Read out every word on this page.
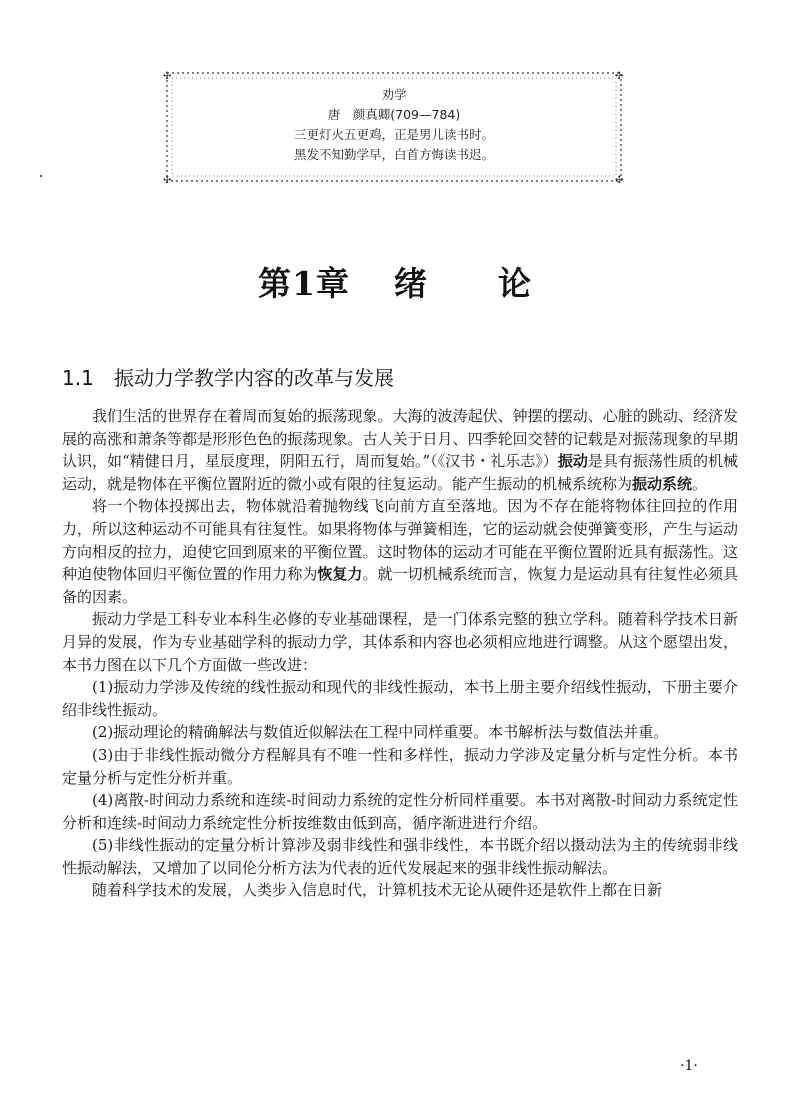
✣	✣
✣	✣
劝学
唐　颜真卿(709—784)
三更灯火五更鸡，正是男儿读书时。
黑发不知勤学早，白首方悔读书迟。
第1章 绪 论
1.1 振动力学教学内容的改革与发展

我们生活的世界存在着周而复始的振荡现象。大海的波涛起伏、钟摆的摆动、心脏的跳动、经济发展的高涨和萧条等都是形形色色的振荡现象。古人关于日月、四季轮回交替的记载是对振荡现象的早期认识，如“精健日月，星辰度理，阴阳五行，周而复始。”（《汉书・礼乐志》）振动是具有振荡性质的机械运动，就是物体在平衡位置附近的微小或有限的往复运动。能产生振动的机械系统称为振动系统。

将一个物体投掷出去，物体就沿着抛物线飞向前方直至落地。因为不存在能将物体往回拉的作用力，所以这种运动不可能具有往复性。如果将物体与弹簧相连，它的运动就会使弹簧变形，产生与运动方向相反的拉力，迫使它回到原来的平衡位置。这时物体的运动才可能在平衡位置附近具有振荡性。这种迫使物体回归平衡位置的作用力称为恢复力。就一切机械系统而言，恢复力是运动具有往复性必须具备的因素。

振动力学是工科专业本科生必修的专业基础课程，是一门体系完整的独立学科。随着科学技术日新月异的发展，作为专业基础学科的振动力学，其体系和内容也必须相应地进行调整。从这个愿望出发，本书力图在以下几个方面做一些改进：

(1)振动力学涉及传统的线性振动和现代的非线性振动，本书上册主要介绍线性振动，下册主要介绍非线性振动。

(2)振动理论的精确解法与数值近似解法在工程中同样重要。本书解析法与数值法并重。

(3)由于非线性振动微分方程解具有不唯一性和多样性，振动力学涉及定量分析与定性分析。本书定量分析与定性分析并重。

(4)离散-时间动力系统和连续-时间动力系统的定性分析同样重要。本书对离散-时间动力系统定性分析和连续-时间动力系统定性分析按维数由低到高，循序渐进进行介绍。

(5)非线性振动的定量分析计算涉及弱非线性和强非线性，本书既介绍以摄动法为主的传统弱非线性振动解法，又增加了以同伦分析方法为代表的近代发展起来的强非线性振动解法。

随着科学技术的发展，人类步入信息时代，计算机技术无论从硬件还是软件上都在日新

·1·
